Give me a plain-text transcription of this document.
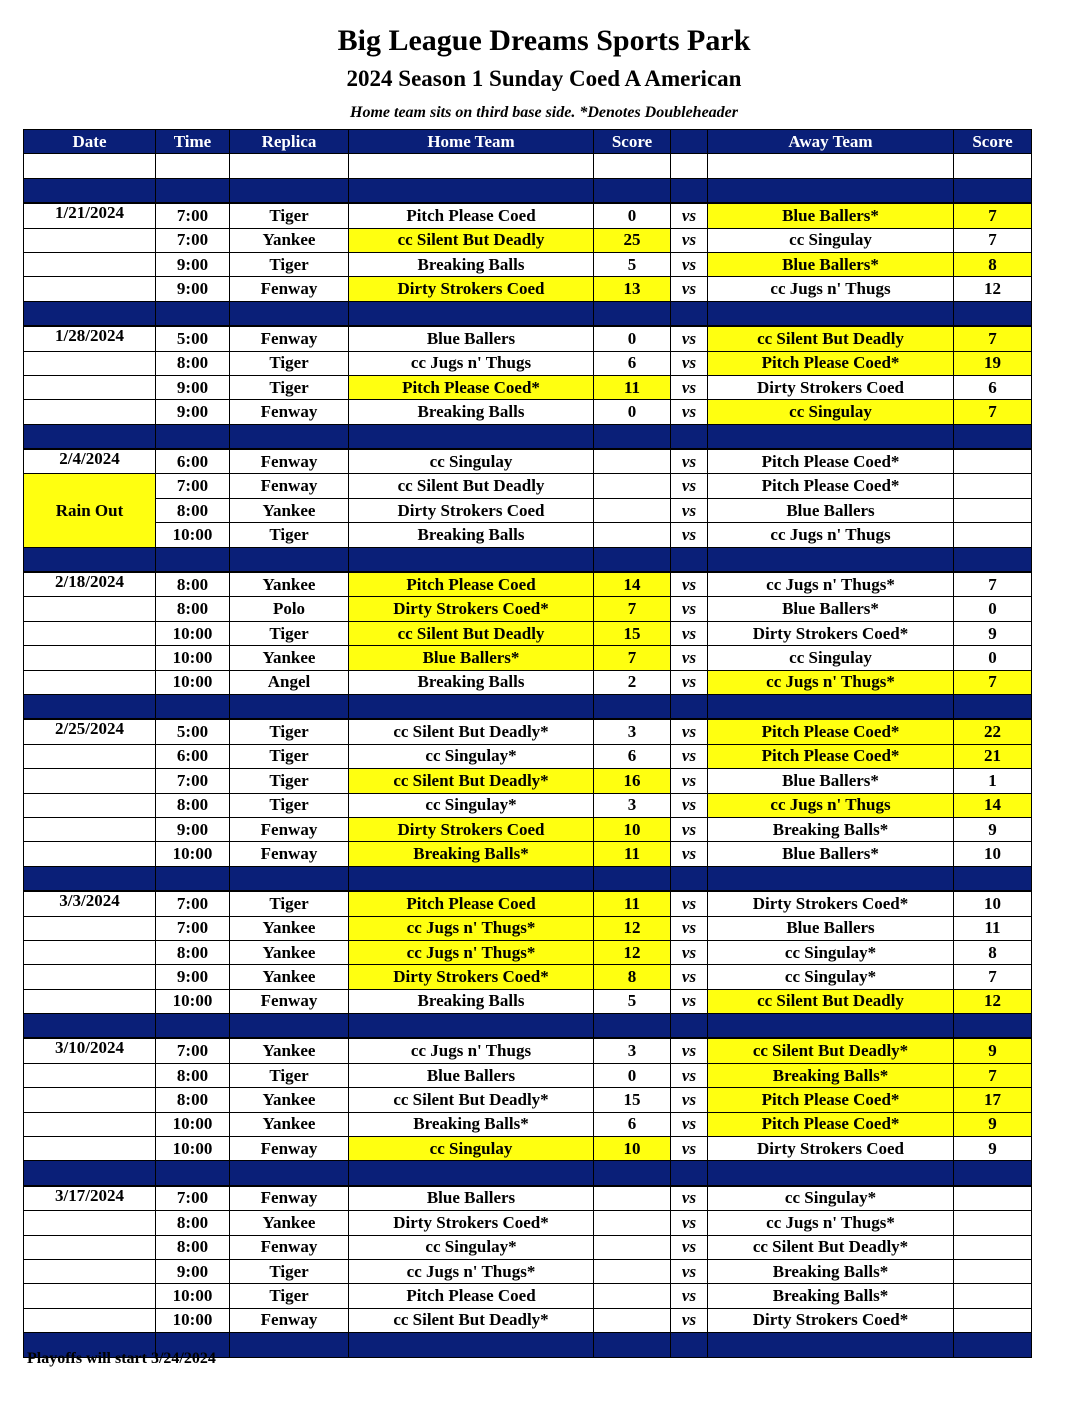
Big League Dreams Sports Park
2024 Season 1 Sunday Coed A American
Home team sits on third base side. *Denotes Doubleheader
Date	Time	Replica	Home Team	Score		Away Team	Score

1/21/2024	7:00	Tiger	Pitch Please Coed	0	vs	Blue Ballers*	7
	7:00	Yankee	cc Silent But Deadly	25	vs	cc Singulay	7
	9:00	Tiger	Breaking Balls	5	vs	Blue Ballers*	8
	9:00	Fenway	Dirty Strokers Coed	13	vs	cc Jugs n' Thugs	12

1/28/2024	5:00	Fenway	Blue Ballers	0	vs	cc Silent But Deadly	7
	8:00	Tiger	cc Jugs n' Thugs	6	vs	Pitch Please Coed*	19
	9:00	Tiger	Pitch Please Coed*	11	vs	Dirty Strokers Coed	6
	9:00	Fenway	Breaking Balls	0	vs	cc Singulay	7

2/4/2024	6:00	Fenway	cc Singulay		vs	Pitch Please Coed*	
Rain Out	7:00	Fenway	cc Silent But Deadly		vs	Pitch Please Coed*	
	8:00	Yankee	Dirty Strokers Coed		vs	Blue Ballers	
	10:00	Tiger	Breaking Balls		vs	cc Jugs n' Thugs	

2/18/2024	8:00	Yankee	Pitch Please Coed	14	vs	cc Jugs n' Thugs*	7
	8:00	Polo	Dirty Strokers Coed*	7	vs	Blue Ballers*	0
	10:00	Tiger	cc Silent But Deadly	15	vs	Dirty Strokers Coed*	9
	10:00	Yankee	Blue Ballers*	7	vs	cc Singulay	0
	10:00	Angel	Breaking Balls	2	vs	cc Jugs n' Thugs*	7

2/25/2024	5:00	Tiger	cc Silent But Deadly*	3	vs	Pitch Please Coed*	22
	6:00	Tiger	cc Singulay*	6	vs	Pitch Please Coed*	21
	7:00	Tiger	cc Silent But Deadly*	16	vs	Blue Ballers*	1
	8:00	Tiger	cc Singulay*	3	vs	cc Jugs n' Thugs	14
	9:00	Fenway	Dirty Strokers Coed	10	vs	Breaking Balls*	9
	10:00	Fenway	Breaking Balls*	11	vs	Blue Ballers*	10

3/3/2024	7:00	Tiger	Pitch Please Coed	11	vs	Dirty Strokers Coed*	10
	7:00	Yankee	cc Jugs n' Thugs*	12	vs	Blue Ballers	11
	8:00	Yankee	cc Jugs n' Thugs*	12	vs	cc Singulay*	8
	9:00	Yankee	Dirty Strokers Coed*	8	vs	cc Singulay*	7
	10:00	Fenway	Breaking Balls	5	vs	cc Silent But Deadly	12

3/10/2024	7:00	Yankee	cc Jugs n' Thugs	3	vs	cc Silent But Deadly*	9
	8:00	Tiger	Blue Ballers	0	vs	Breaking Balls*	7
	8:00	Yankee	cc Silent But Deadly*	15	vs	Pitch Please Coed*	17
	10:00	Yankee	Breaking Balls*	6	vs	Pitch Please Coed*	9
	10:00	Fenway	cc Singulay	10	vs	Dirty Strokers Coed	9

3/17/2024	7:00	Fenway	Blue Ballers		vs	cc Singulay*	
	8:00	Yankee	Dirty Strokers Coed*		vs	cc Jugs n' Thugs*	
	8:00	Fenway	cc Singulay*		vs	cc Silent But Deadly*	
	9:00	Tiger	cc Jugs n' Thugs*		vs	Breaking Balls*	
	10:00	Tiger	Pitch Please Coed		vs	Breaking Balls*	
	10:00	Fenway	cc Silent But Deadly*		vs	Dirty Strokers Coed*	

Playoffs will start 3/24/2024
